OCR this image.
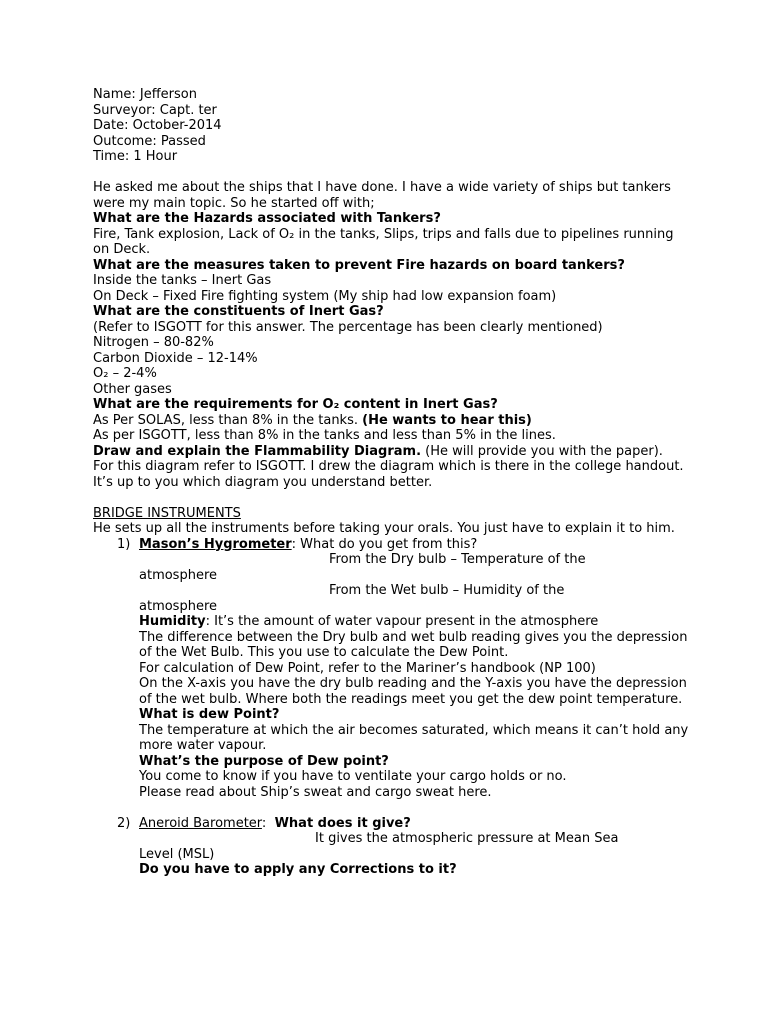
Name: Jefferson

Surveyor: Capt. ter

Date: October-2014

Outcome: Passed

Time: 1 Hour

He asked me about the ships that I have done. I have a wide variety of ships but tankers were my main topic. So he started off with;

What are the Hazards associated with Tankers?

Fire, Tank explosion, Lack of O₂ in the tanks, Slips, trips and falls due to pipelines running on Deck.

What are the measures taken to prevent Fire hazards on board tankers?

Inside the tanks – Inert Gas

On Deck – Fixed Fire fighting system (My ship had low expansion foam)

What are the constituents of Inert Gas?

(Refer to ISGOTT for this answer. The percentage has been clearly mentioned)

Nitrogen – 80-82%

Carbon Dioxide – 12-14%

O₂ – 2-4%

Other gases

What are the requirements for O₂ content in Inert Gas?

As Per SOLAS, less than 8% in the tanks. (He wants to hear this)

As per ISGOTT, less than 8% in the tanks and less than 5% in the lines.

Draw and explain the Flammability Diagram. (He will provide you with the paper).

For this diagram refer to ISGOTT. I drew the diagram which is there in the college handout. It’s up to you which diagram you understand better.

BRIDGE INSTRUMENTS

He sets up all the instruments before taking your orals. You just have to explain it to him.

1) Mason’s Hygrometer: What do you get from this?

From the Dry bulb – Temperature of the

atmosphere

From the Wet bulb – Humidity of the

atmosphere

Humidity: It’s the amount of water vapour present in the atmosphere

The difference between the Dry bulb and wet bulb reading gives you the depression of the Wet Bulb. This you use to calculate the Dew Point.

For calculation of Dew Point, refer to the Mariner’s handbook (NP 100)

On the X-axis you have the dry bulb reading and the Y-axis you have the depression of the wet bulb. Where both the readings meet you get the dew point temperature.

What is dew Point?

The temperature at which the air becomes saturated, which means it can’t hold any more water vapour.

What’s the purpose of Dew point?

You come to know if you have to ventilate your cargo holds or no.

Please read about Ship’s sweat and cargo sweat here.

2) Aneroid Barometer:  What does it give?

It gives the atmospheric pressure at Mean Sea

Level (MSL)

Do you have to apply any Corrections to it?
